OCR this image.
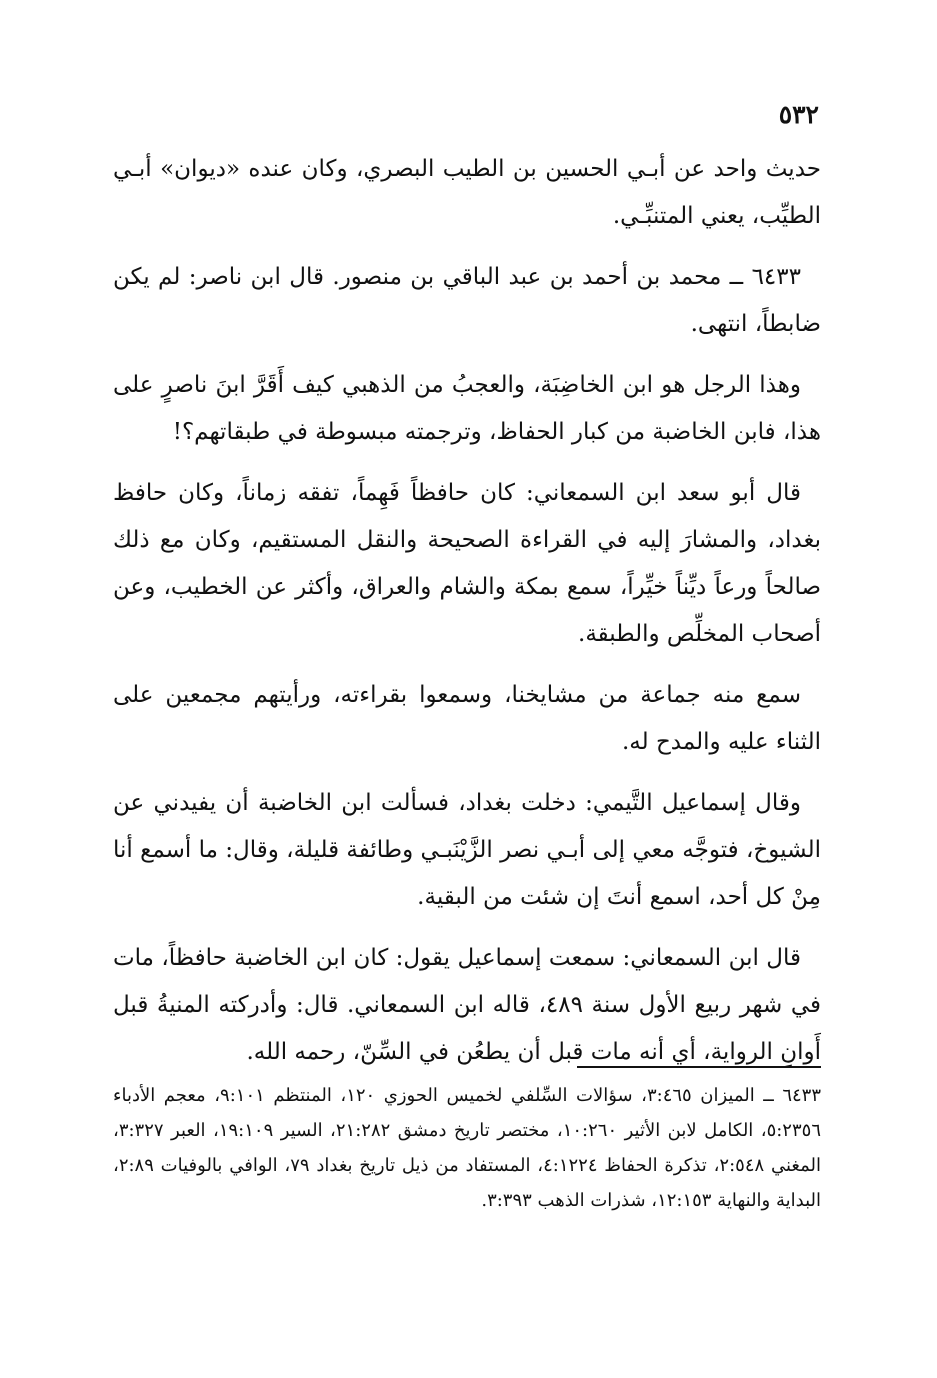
٥٣٢

حديث واحد عن أبـي الحسين بن الطيب البصري، وكان عنده «ديوان» أبـي الطيِّب، يعني المتنبِّـي.

٦٤٣٣ ــ محمد بن أحمد بن عبد الباقي بن منصور. قال ابن ناصر: لم يكن ضابطاً، انتهى.

وهذا الرجل هو ابن الخاضِبَة، والعجبُ من الذهبي كيف أَقَرَّ ابنَ ناصرٍ على هذا، فابن الخاضبة من كبار الحفاظ، وترجمته مبسوطة في طبقاتهم؟!

قال أبو سعد ابن السمعاني: كان حافظاً فَهِماً، تفقه زماناً، وكان حافظ بغداد، والمشارَ إليه في القراءة الصحيحة والنقل المستقيم، وكان مع ذلك صالحاً ورعاً ديِّناً خيِّراً، سمع بمكة والشام والعراق، وأكثر عن الخطيب، وعن أصحاب المخلِّص والطبقة.

سمع منه جماعة من مشايخنا، وسمعوا بقراءته، ورأيتهم مجمعين على الثناء عليه والمدح له.

وقال إسماعيل التَّيمي: دخلت بغداد، فسألت ابن الخاضبة أن يفيدني عن الشيوخ، فتوجَّه معي إلى أبـي نصر الزَّيْنَبـي وطائفة قليلة، وقال: ما أسمع أنا مِنْ كل أحد، اسمع أنتَ إن شئت من البقية.

قال ابن السمعاني: سمعت إسماعيل يقول: كان ابن الخاضبة حافظاً، مات في شهر ربيع الأول سنة ٤٨٩، قاله ابن السمعاني. قال: وأدركته المنيةُ قبل أَوانِ الرواية، أي أنه مات قبل أن يطعُن في السِّنّ، رحمه الله.

٦٤٣٣ ــ الميزان ٣:٤٦٥، سؤالات السِّلفي لخميس الحوزي ١٢٠، المنتظم ٩:١٠١، معجم الأدباء ٥:٢٣٥٦، الكامل لابن الأثير ١٠:٢٦٠، مختصر تاريخ دمشق ٢١:٢٨٢، السير ١٩:١٠٩، العبر ٣:٣٢٧، المغني ٢:٥٤٨، تذكرة الحفاظ ٤:١٢٢٤، المستفاد من ذيل تاريخ بغداد ٧٩، الوافي بالوفيات ٢:٨٩، البداية والنهاية ١٢:١٥٣، شذرات الذهب ٣:٣٩٣.
